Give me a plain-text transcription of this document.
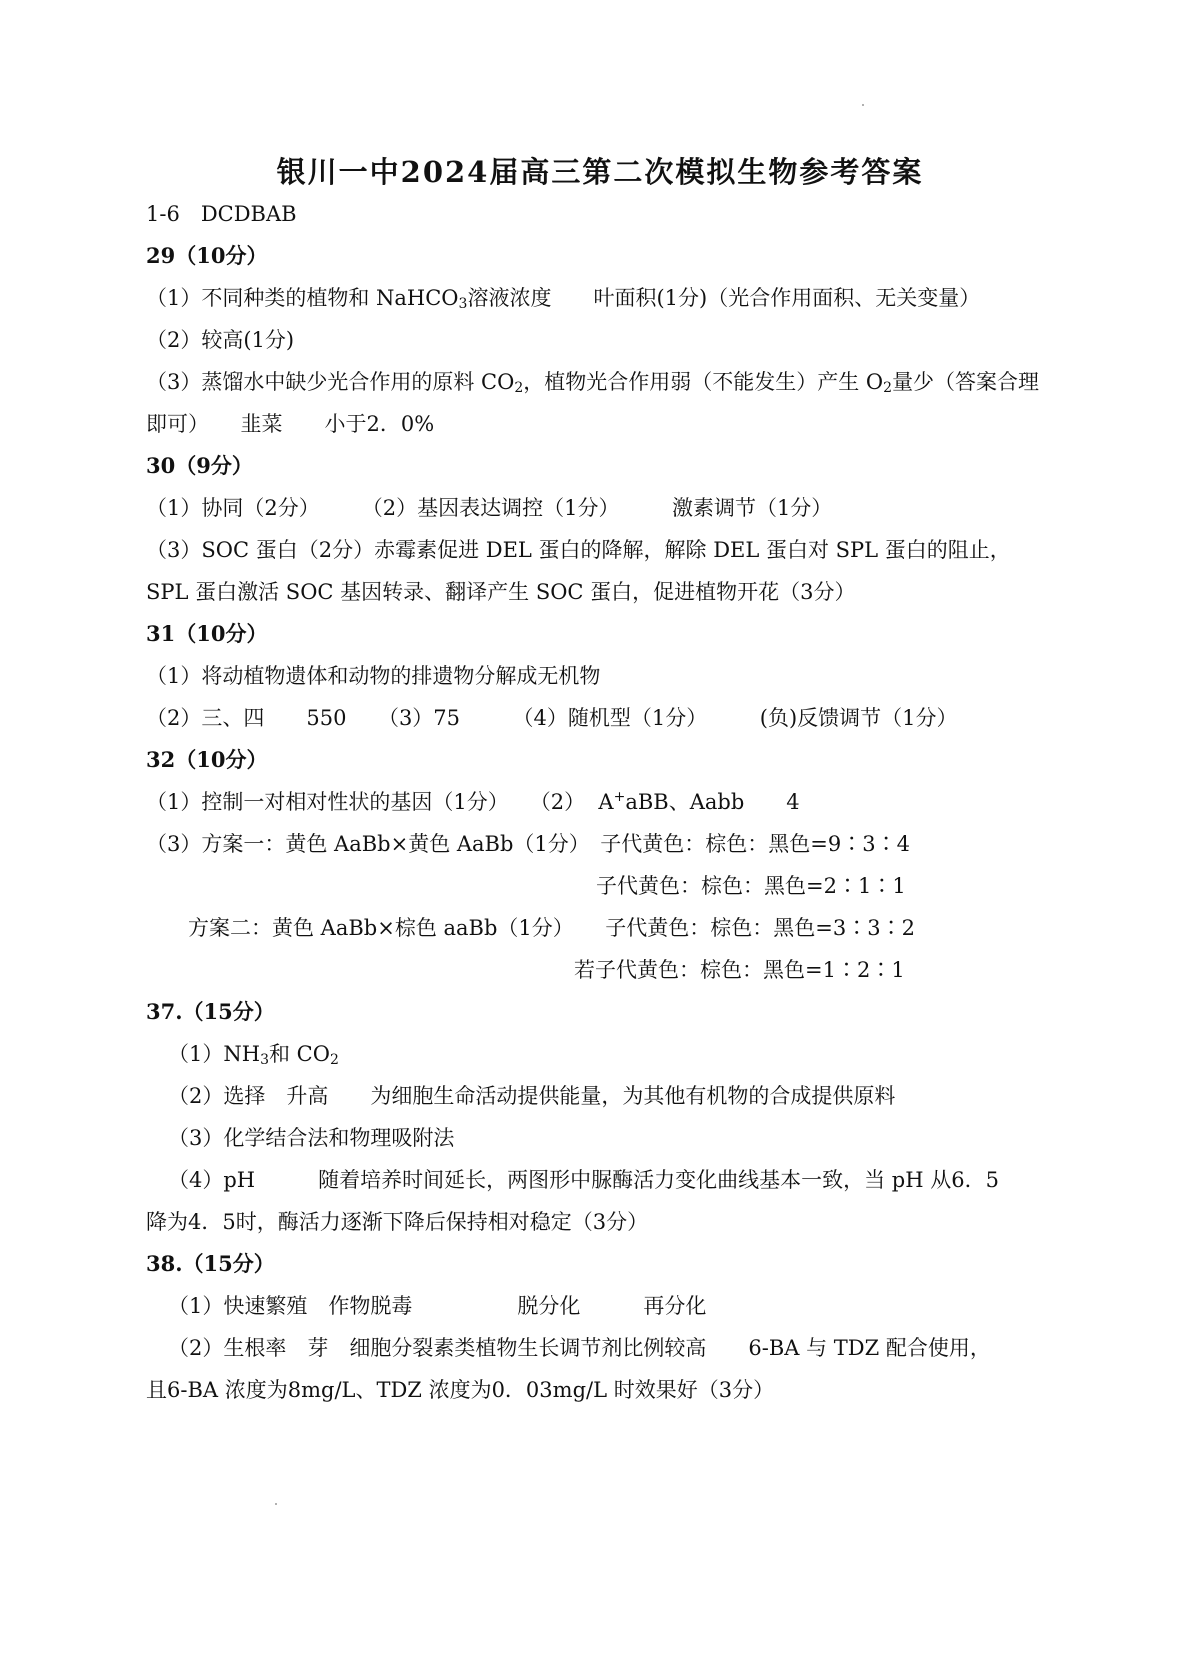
银川一中2024届高三第二次模拟生物参考答案
1-6　DCDBAB
29（10分）
（1）不同种类的植物和 NaHCO$_3$溶液浓度　　叶面积(1分)（光合作用面积、无关变量）
（2）较高(1分)
（3）蒸馏水中缺少光合作用的原料 $CO_2$，植物光合作用弱（不能发生）产生 $O_2$量少（答案合理
即可）　　韭菜　　小于2．0%
30（9分）
（1）协同（2分）　　　（2）基因表达调控（1分）　　　激素调节（1分）
（3）SOC 蛋白（2分）赤霉素促进 DEL 蛋白的降解，解除 DEL 蛋白对 SPL 蛋白的阻止，
SPL 蛋白激活 SOC 基因转录、翻译产生 SOC 蛋白，促进植物开花（3分）
31（10分）
（1）将动植物遗体和动物的排遗物分解成无机物
（2）三、四　　550　　（3）75　　　（4）随机型（1分）　　　(负)反馈调节（1分）
32（10分）
（1）控制一对相对性状的基因（1分）　　（2）  A+aBB、Aabb　　4
（3）方案一：黄色 AaBb×黄色 AaBb（1分）　子代黄色：棕色：黑色=9∶3∶4
子代黄色：棕色：黑色=2∶1∶1
方案二：黄色 AaBb×棕色 aaBb（1分）　　子代黄色：棕色：黑色=3∶3∶2
若子代黄色：棕色：黑色=1∶2∶1
37.（15分）
$(1)NH_3$和 $CO_2$
（2）选择　升高　　为细胞生命活动提供能量，为其他有机物的合成提供原料
（3）化学结合法和物理吸附法
（4）pH　　　随着培养时间延长，两图形中脲酶活力变化曲线基本一致，当 pH 从6．5
降为4．5时，酶活力逐渐下降后保持相对稳定（3分）
38.（15分）
（1）快速繁殖　作物脱毒　　　　　脱分化　　　再分化
（2）生根率　芽　细胞分裂素类植物生长调节剂比例较高　　6-BA 与 TDZ 配合使用，
且6-BA 浓度为8mg/L、TDZ 浓度为0．03mg/L 时效果好（3分）
